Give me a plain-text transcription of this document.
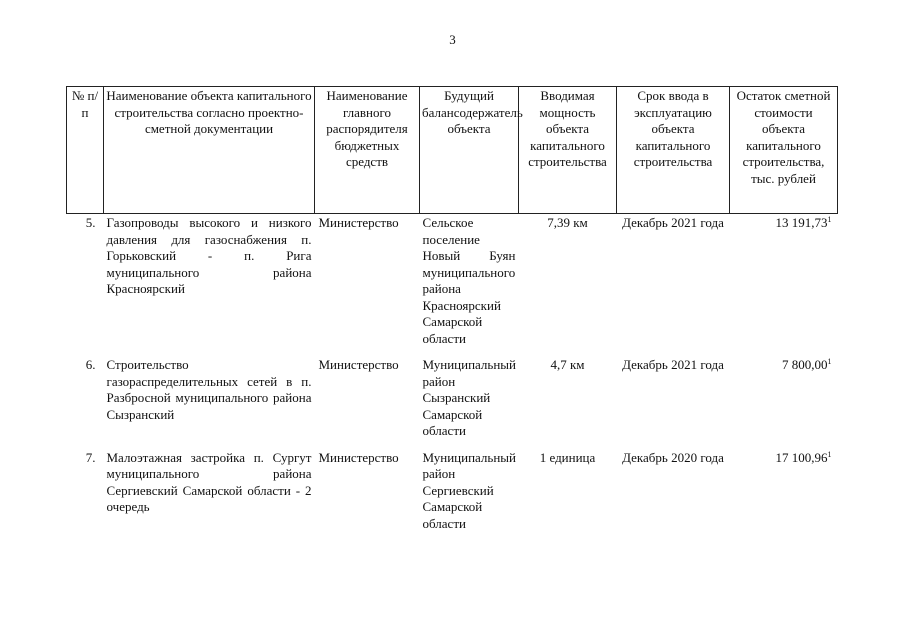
3
№ п/п	Наименование объекта капитального строительства согласно проектно-сметной документации	Наименование главного распорядителя бюджетных средств	Будущий балансодержатель объекта	Вводимая мощность объекта капитального строительства	Срок ввода в эксплуатацию объекта капитального строительства	Остаток сметной стоимости объекта капитального строительства, тыс. рублей
5.	Газопроводы высокого и низкого давления для газоснабжения п. Горьковский - п. Рига муниципального района Красноярский	Министерство	Сельское поселение Новый Буян муниципального района Красноярский Самарской области	7,39 км	Декабрь 2021 года	13 191,73$^1$
6.	Строительство газораспределительных сетей в п. Разбросной муниципального района Сызранский	Министерство	Муниципальный район Сызранский Самарской области	4,7 км	Декабрь 2021 года	7 800,00$^1$
7.	Малоэтажная застройка п. Сургут муниципального района Сергиевский Самарской области - 2 очередь	Министерство	Муниципальный район Сергиевский Самарской области	1 единица	Декабрь 2020 года	17 100,96$^1$
